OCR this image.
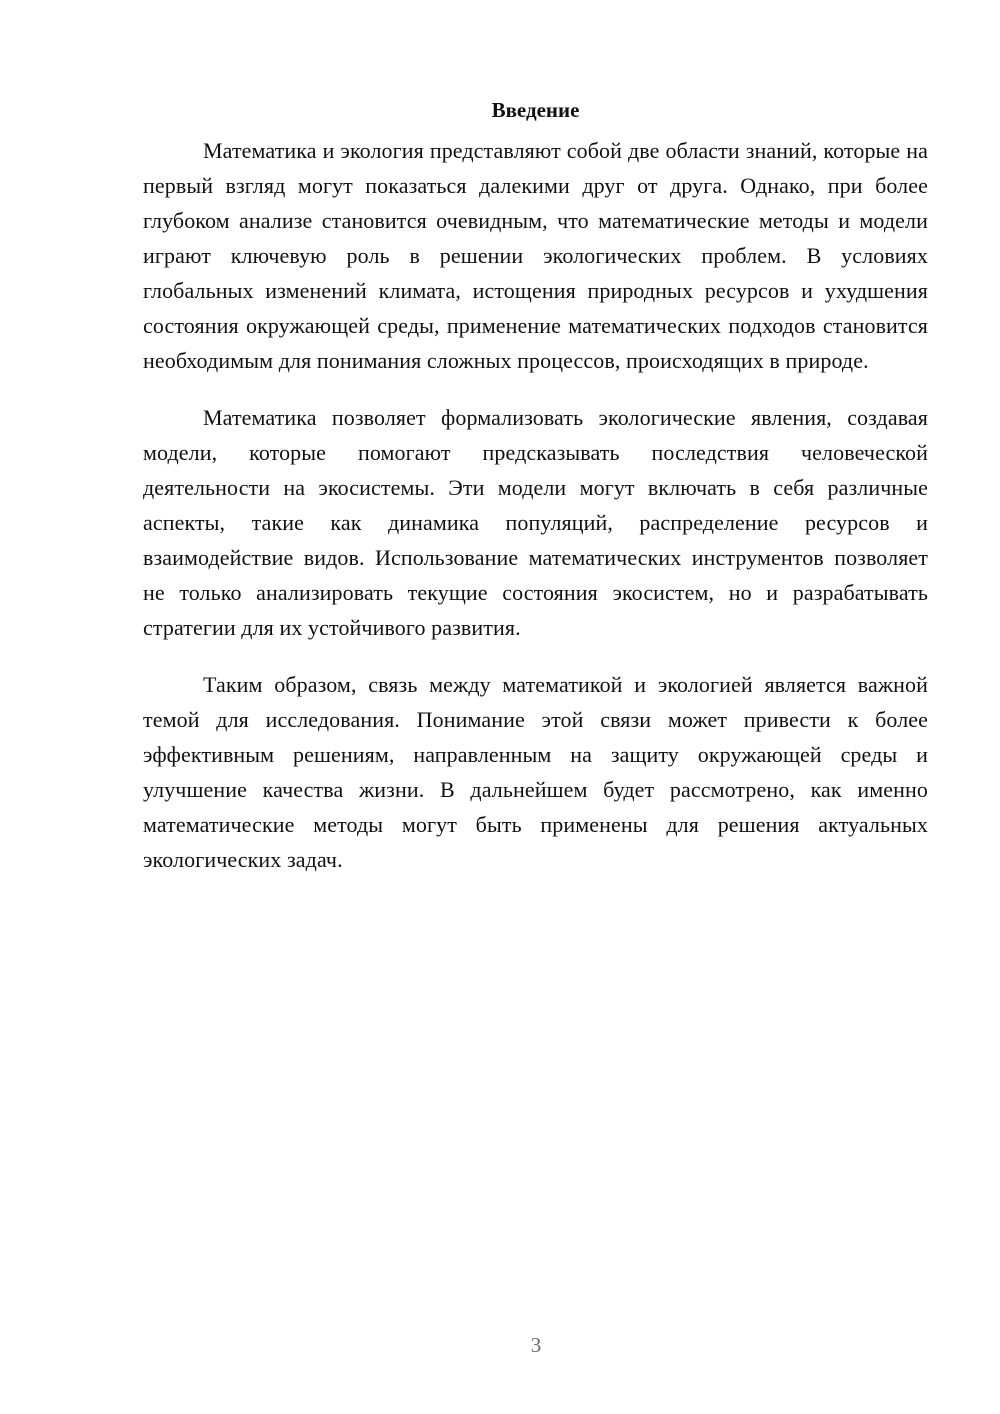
Введение

Математика и экология представляют собой две области знаний, которые на первый взгляд могут показаться далекими друг от друга. Однако, при более глубоком анализе становится очевидным, что математические методы и модели играют ключевую роль в решении экологических проблем. В условиях глобальных изменений климата, истощения природных ресурсов и ухудшения состояния окружающей среды, применение математических подходов становится необходимым для понимания сложных процессов, происходящих в природе.

Математика позволяет формализовать экологические явления, создавая модели, которые помогают предсказывать последствия человеческой деятельности на экосистемы. Эти модели могут включать в себя различные аспекты, такие как динамика популяций, распределение ресурсов и взаимодействие видов. Использование математических инструментов позволяет не только анализировать текущие состояния экосистем, но и разрабатывать стратегии для их устойчивого развития.

Таким образом, связь между математикой и экологией является важной темой для исследования. Понимание этой связи может привести к более эффективным решениям, направленным на защиту окружающей среды и улучшение качества жизни. В дальнейшем будет рассмотрено, как именно математические методы могут быть применены для решения актуальных экологических задач.

3
